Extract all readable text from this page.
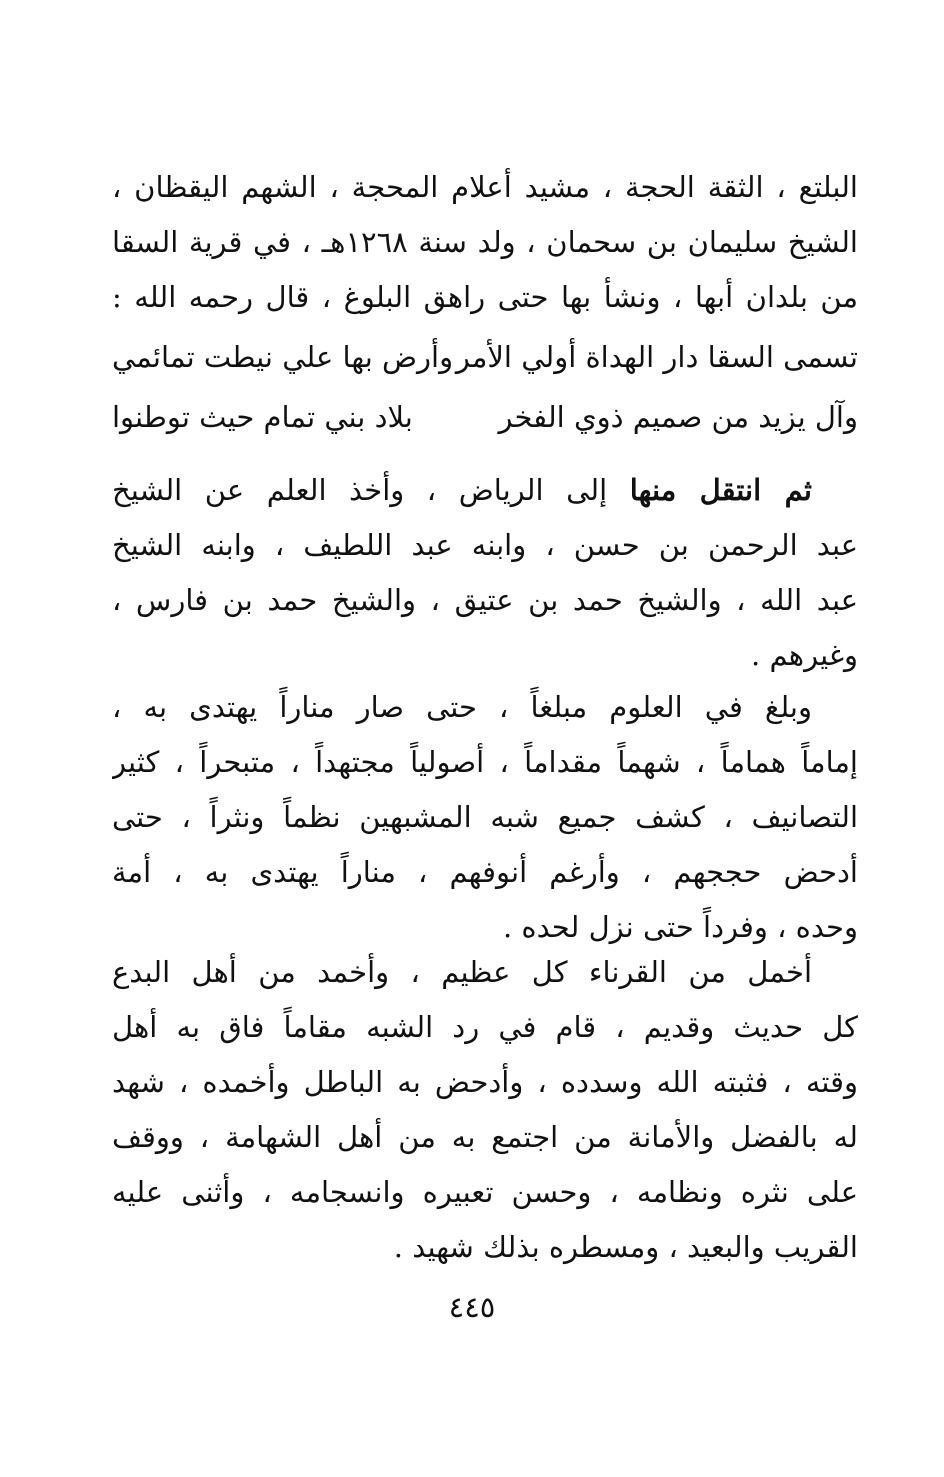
البلتع ، الثقة الحجة ، مشيد أعلام المحجة ، الشهم اليقظان ،
الشيخ سليمان بن سحمان ، ولد سنة ١٢٦٨هـ ، في قرية السقا
من بلدان أبها ، ونشأ بها حتى راهق البلوغ ، قال رحمه الله :
تسمى السقا دار الهداة أولي الأمر
وأرض بها علي نيطت تمائمي
وآل يزيد من صميم ذوي الفخر
بلاد بني تمام حيث توطنوا
ثم انتقل منها إلى الرياض ، وأخذ العلم عن الشيخ
عبد الرحمن بن حسن ، وابنه عبد اللطيف ، وابنه الشيخ
عبد الله ، والشيخ حمد بن عتيق ، والشيخ حمد بن فارس ،
وغيرهم .
وبلغ في العلوم مبلغاً ، حتى صار مناراً يهتدى به ،
إماماً هماماً ، شهماً مقداماً ، أصولياً مجتهداً ، متبحراً ، كثير
التصانيف ، كشف جميع شبه المشبهين نظماً ونثراً ، حتى
أدحض حججهم ، وأرغم أنوفهم ، مناراً يهتدى به ، أمة
وحده ، وفرداً حتى نزل لحده .
أخمل من القرناء كل عظيم ، وأخمد من أهل البدع
كل حديث وقديم ، قام في رد الشبه مقاماً فاق به أهل
وقته ، فثبته الله وسدده ، وأدحض به الباطل وأخمده ، شهد
له بالفضل والأمانة من اجتمع به من أهل الشهامة ، ووقف
على نثره ونظامه ، وحسن تعبيره وانسجامه ، وأثنى عليه
القريب والبعيد ، ومسطره بذلك شهيد .
٤٤٥
